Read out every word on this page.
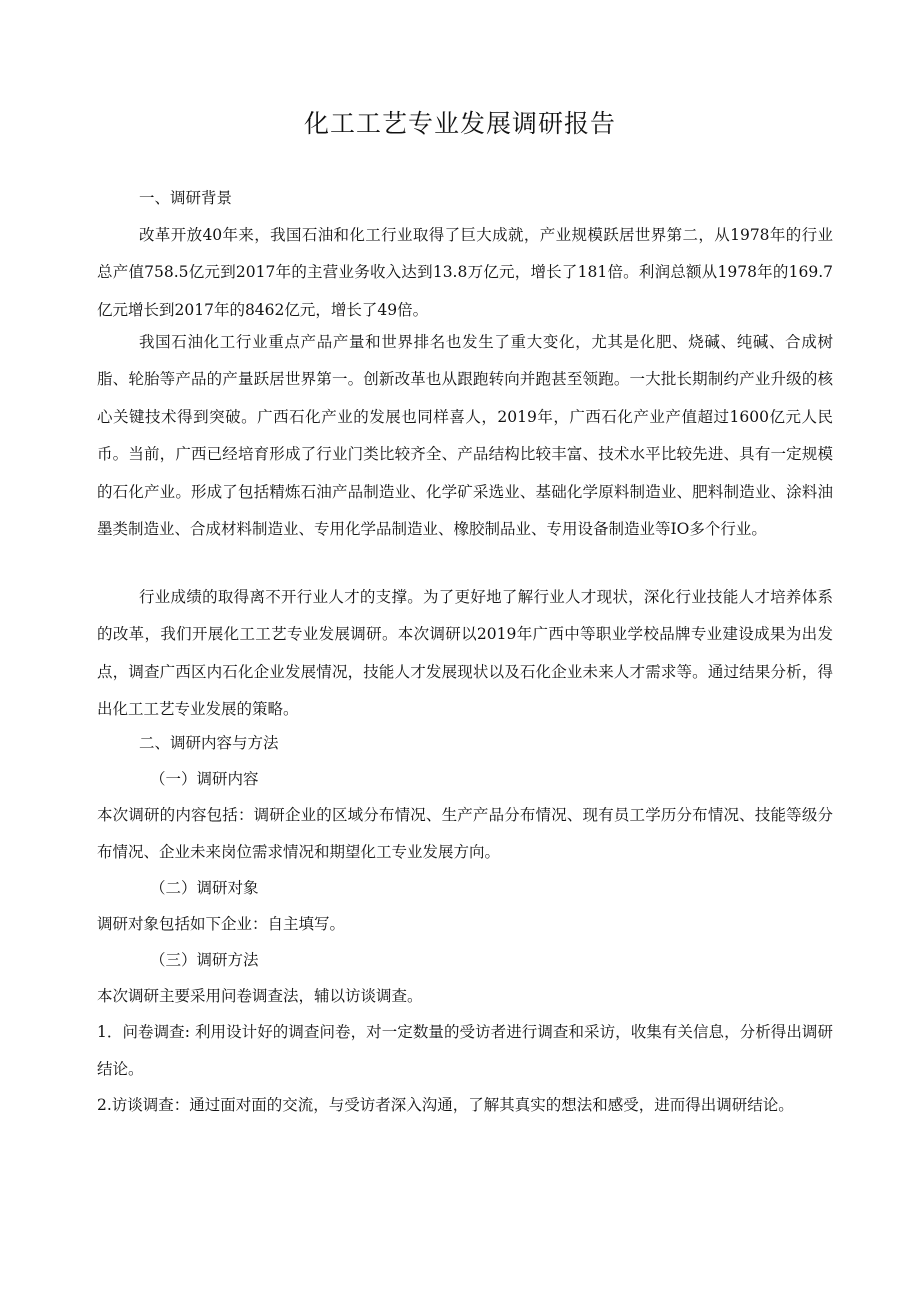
化工工艺专业发展调研报告

一、调研背景

改革开放40年来，我国石油和化工行业取得了巨大成就，产业规模跃居世界第二，从1978年的行业总产值758.5亿元到2017年的主营业务收入达到13.8万亿元，增长了181倍。利润总额从1978年的169.7亿元增长到2017年的8462亿元，增长了49倍。

我国石油化工行业重点产品产量和世界排名也发生了重大变化，尤其是化肥、烧碱、纯碱、合成树脂、轮胎等产品的产量跃居世界第一。创新改革也从跟跑转向并跑甚至领跑。一大批长期制约产业升级的核心关键技术得到突破。广西石化产业的发展也同样喜人，2019年，广西石化产业产值超过1600亿元人民币。当前，广西已经培育形成了行业门类比较齐全、产品结构比较丰富、技术水平比较先进、具有一定规模的石化产业。形成了包括精炼石油产品制造业、化学矿采选业、基础化学原料制造业、肥料制造业、涂料油墨类制造业、合成材料制造业、专用化学品制造业、橡胶制品业、专用设备制造业等IO多个行业。

行业成绩的取得离不开行业人才的支撑。为了更好地了解行业人才现状，深化行业技能人才培养体系的改革，我们开展化工工艺专业发展调研。本次调研以2019年广西中等职业学校品牌专业建设成果为出发点，调查广西区内石化企业发展情况，技能人才发展现状以及石化企业未来人才需求等。通过结果分析，得出化工工艺专业发展的策略。

二、调研内容与方法

（一）调研内容

本次调研的内容包括：调研企业的区域分布情况、生产产品分布情况、现有员工学历分布情况、技能等级分布情况、企业未来岗位需求情况和期望化工专业发展方向。

（二）调研对象

调研对象包括如下企业：自主填写。

（三）调研方法

本次调研主要采用问卷调查法，辅以访谈调查。

1．问卷调查: 利用设计好的调查问卷，对一定数量的受访者进行调查和采访，收集有关信息，分析得出调研结论。

2.访谈调查：通过面对面的交流，与受访者深入沟通，了解其真实的想法和感受，进而得出调研结论。
